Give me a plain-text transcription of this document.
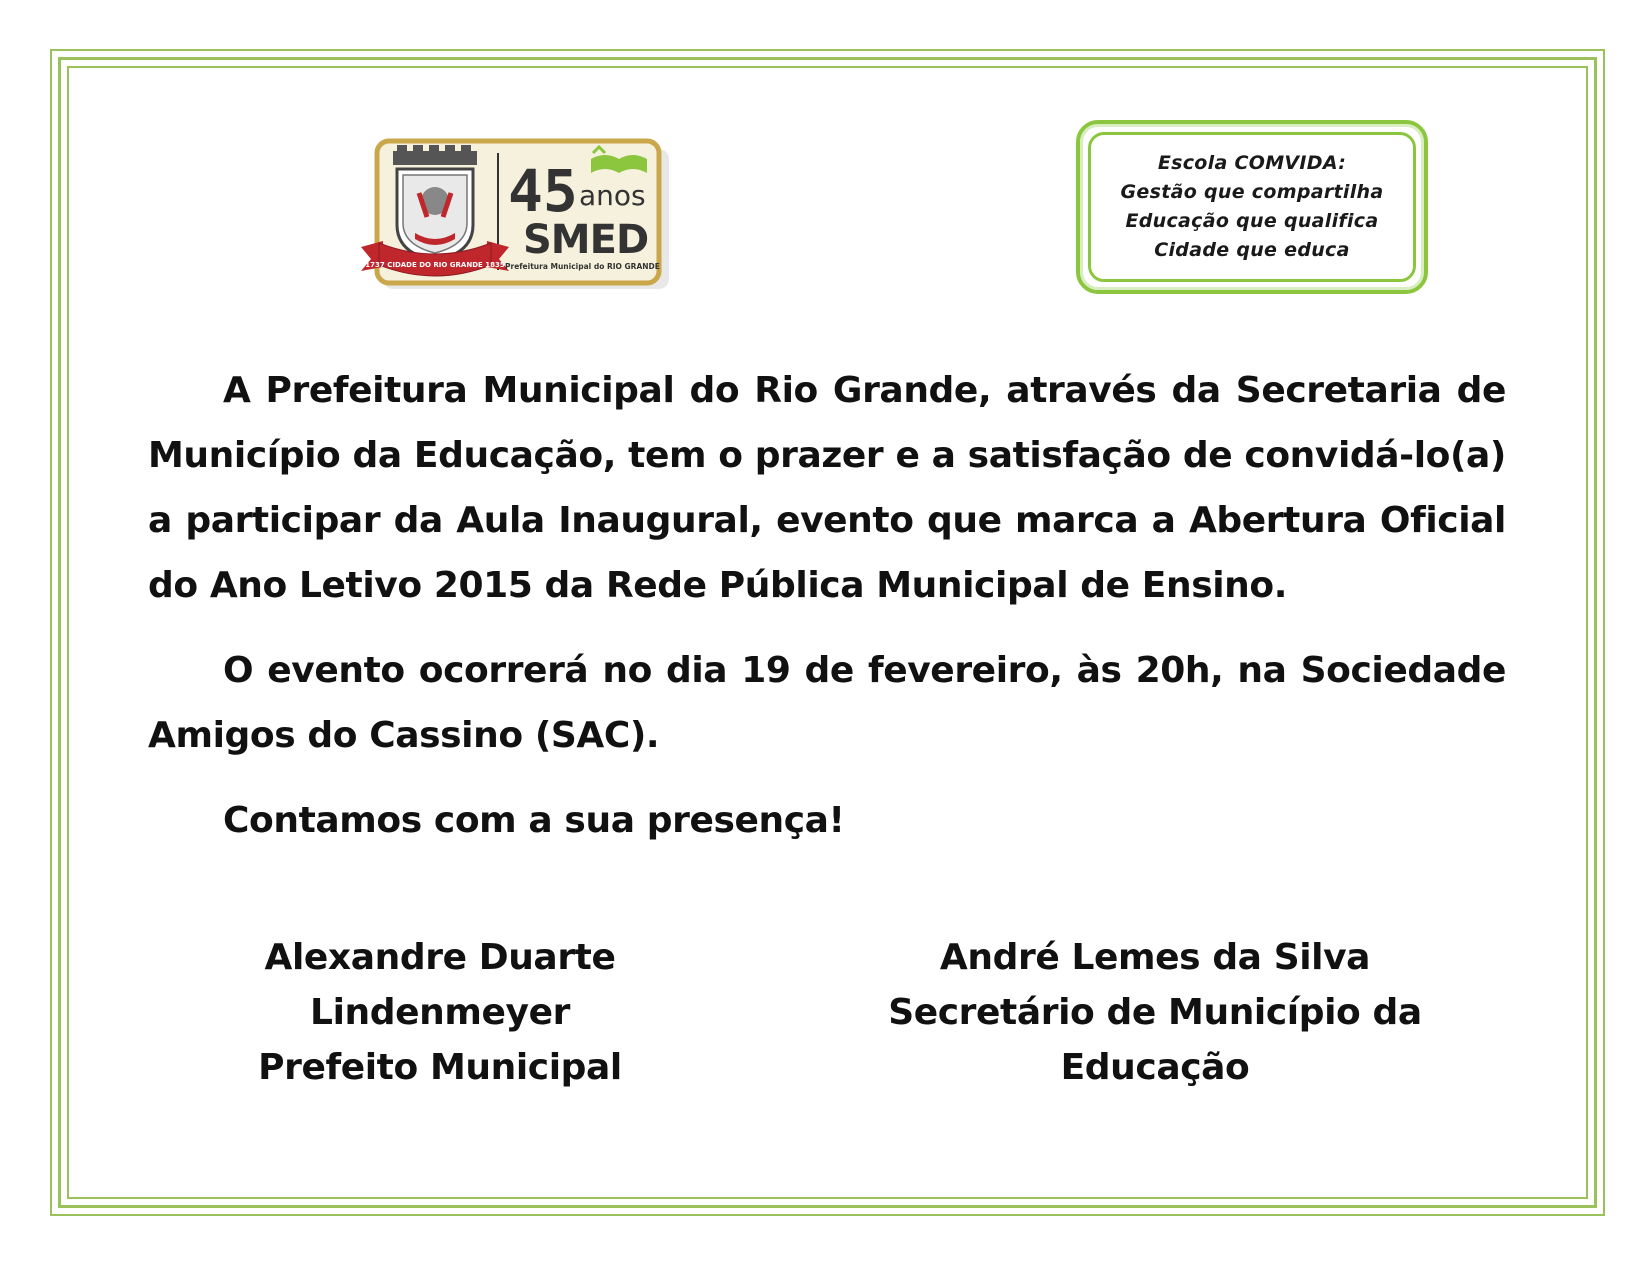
1737 CIDADE DO RIO GRANDE 1835
45 anos
SMED
Prefeitura Municipal do RIO GRANDE
Escola COMVIDA:
Gestão que compartilha
Educação que qualifica
Cidade que educa

A Prefeitura Municipal do Rio Grande, através da Secretaria de Município da Educação, tem o prazer e a satisfação de convidá-lo(a) a participar da Aula Inaugural, evento que marca a Abertura Oficial do Ano Letivo 2015 da Rede Pública Municipal de Ensino.

O evento ocorrerá no dia 19 de fevereiro, às 20h, na Sociedade Amigos do Cassino (SAC).

Contamos com a sua presença!

Alexandre Duarte Lindenmeyer
Prefeito Municipal
André Lemes da Silva
Secretário de Município da Educação
